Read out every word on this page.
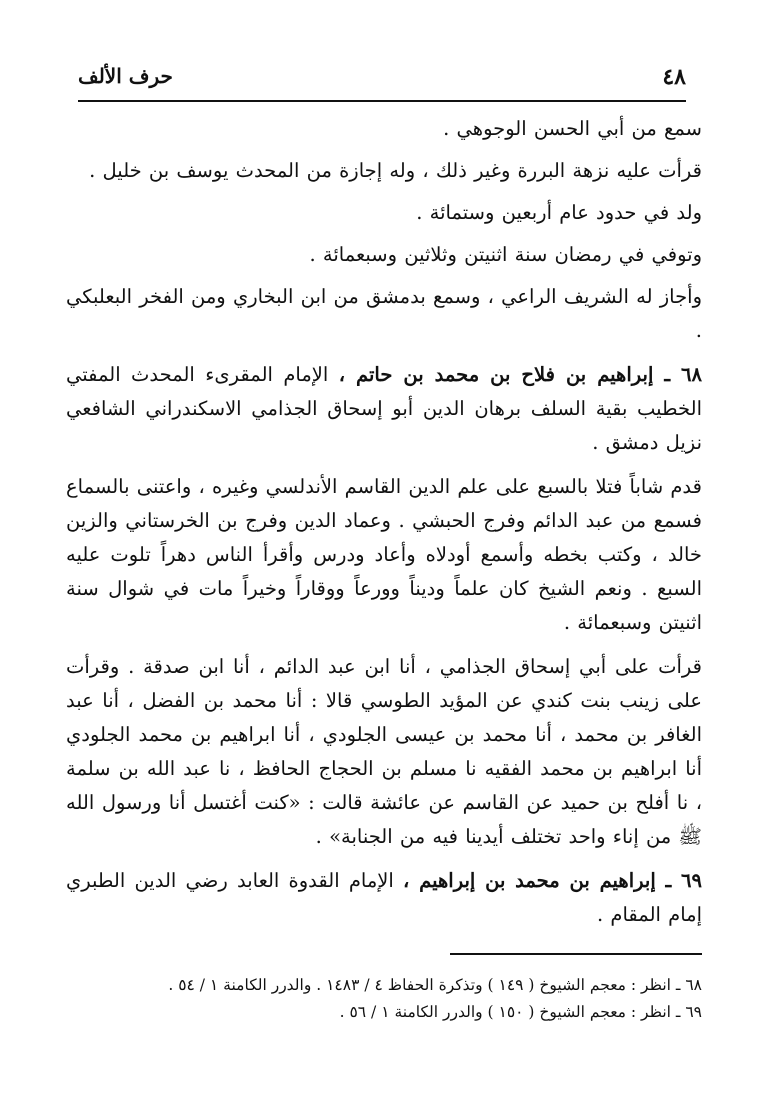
٤٨
حرف الألف

سمع من أبي الحسن الوجوهي .

قرأت عليه نزهة البررة وغير ذلك ، وله إجازة من المحدث يوسف بن خليل .

ولد في حدود عام أربعين وستمائة .

وتوفي في رمضان سنة اثنيتن وثلاثين وسبعمائة .

وأجاز له الشريف الراعي ، وسمع بدمشق من ابن البخاري ومن الفخر البعلبكي .

٦٨ ـ إبراهيم بن فلاح بن محمد بن حاتم ، الإمام المقرىء المحدث المفتي الخطيب بقية السلف برهان الدين أبو إسحاق الجذامي الاسكندراني الشافعي نزيل دمشق .

قدم شاباً فتلا بالسبع على علم الدين القاسم الأندلسي وغيره ، واعتنى بالسماع فسمع من عبد الدائم وفرج الحبشي . وعماد الدين وفرج بن الخرستاني والزين خالد ، وكتب بخطه وأسمع أودلاه وأعاد ودرس وأقرأ الناس دهراً تلوت عليه السبع . ونعم الشيخ كان علماً وديناً وورعاً ووقاراً وخيراً مات في شوال سنة اثنيتن وسبعمائة .

قرأت على أبي إسحاق الجذامي ، أنا ابن عبد الدائم ، أنا ابن صدقة . وقرأت على زينب بنت كندي عن المؤيد الطوسي قالا : أنا محمد بن الفضل ، أنا عبد الغافر بن محمد ، أنا محمد بن عيسى الجلودي ، أنا ابراهيم بن محمد الجلودي أنا ابراهيم بن محمد الفقيه نا مسلم بن الحجاج الحافظ ، نا عبد الله بن سلمة ، نا أفلح بن حميد عن القاسم عن عائشة قالت : «كنت أغتسل أنا ورسول الله ﷺ من إناء واحد تختلف أيدينا فيه من الجنابة» .

٦٩ ـ إبراهيم بن محمد بن إبراهيم ، الإمام القدوة العابد رضي الدين الطبري إمام المقام .

٦٨ ـ انظر : معجم الشيوخ ( ١٤٩ ) وتذكرة الحفاظ ٤ / ١٤٨٣ . والدرر الكامنة ١ / ٥٤ .

٦٩ ـ انظر : معجم الشيوخ ( ١٥٠ ) والدرر الكامنة ١ / ٥٦ .
